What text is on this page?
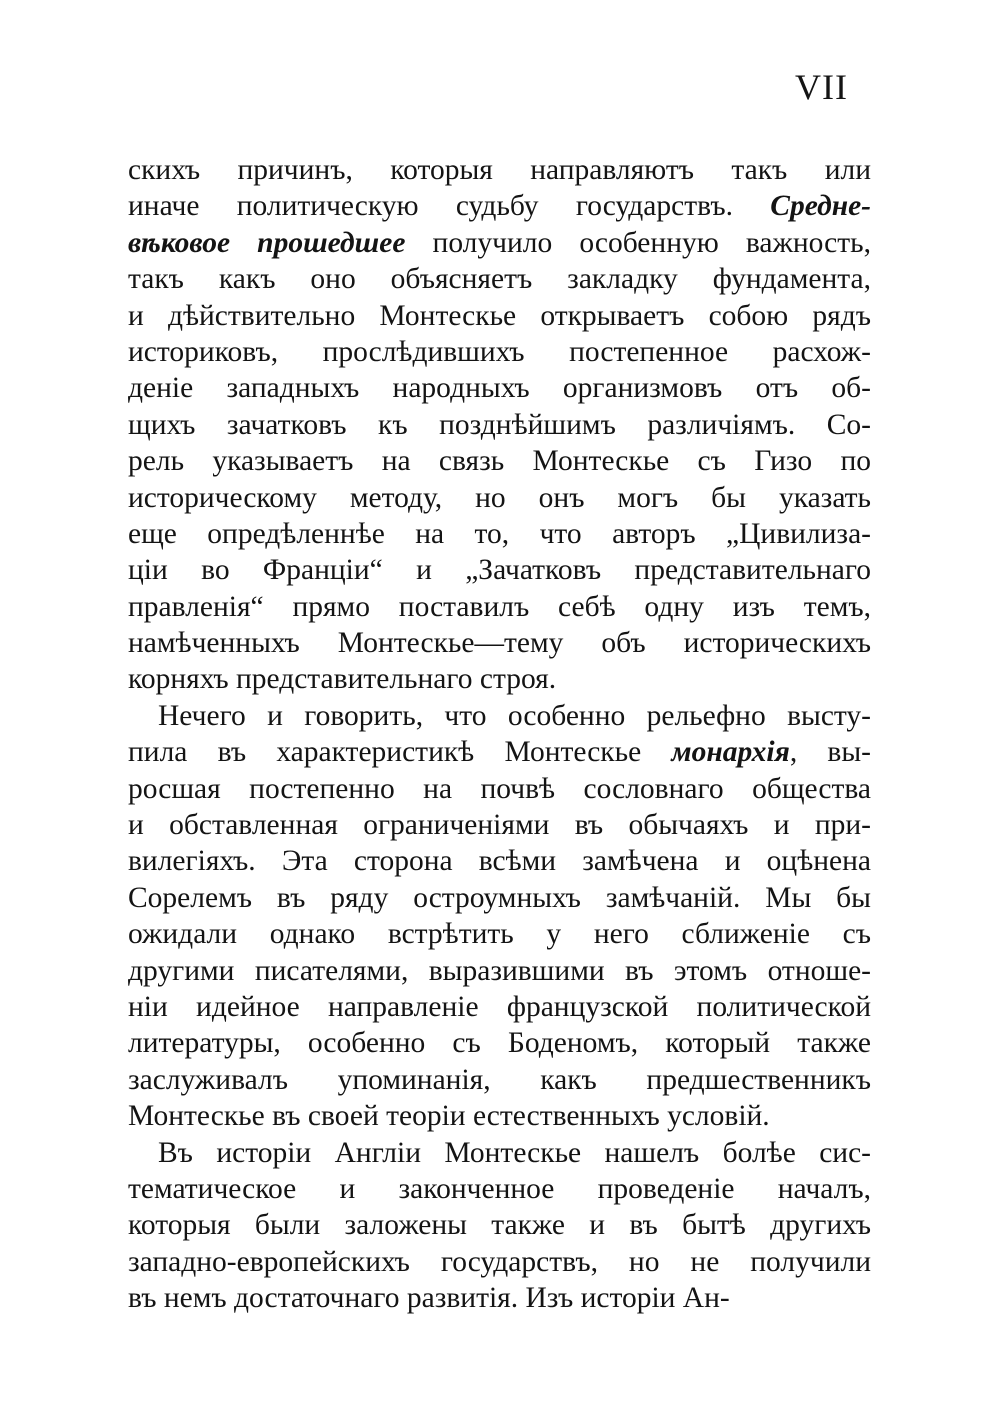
VII
скихъ причинъ, которыя направляютъ такъ или
иначе политическую судьбу государствъ. Средне-
вѣковое прошедшее получило особенную важность,
такъ какъ оно объясняетъ закладку фундамента,
и дѣйствительно Монтескье открываетъ собою рядъ
историковъ, прослѣдившихъ постепенное расхож-
деніе западныхъ народныхъ организмовъ отъ об-
щихъ зачатковъ къ позднѣйшимъ различіямъ. Со-
рель указываетъ на связь Монтескье съ Гизо по
историческому методу, но онъ могъ бы указать
еще опредѣленнѣе на то, что авторъ „Цивилиза-
ціи во Франціи“ и „Зачатковъ представительнаго
правленія“ прямо поставилъ себѣ одну изъ темъ,
намѣченныхъ Монтескье—тему объ историческихъ
корняхъ представительнаго строя.
Нечего и говорить, что особенно рельефно высту-
пила въ характеристикѣ Монтескье монархія, вы-
росшая постепенно на почвѣ сословнаго общества
и обставленная ограниченіями въ обычаяхъ и при-
вилегіяхъ. Эта сторона всѣми замѣчена и оцѣнена
Сорелемъ въ ряду остроумныхъ замѣчаній. Мы бы
ожидали однако встрѣтить у него сближеніе съ
другими писателями, выразившими въ этомъ отноше-
ніи идейное направленіе французской политической
литературы, особенно съ Боденомъ, который также
заслуживалъ упоминанія, какъ предшественникъ
Монтескье въ своей теоріи естественныхъ условій.
Въ исторіи Англіи Монтескье нашелъ болѣе сис-
тематическое и законченное проведеніе началъ,
которыя были заложены также и въ бытѣ другихъ
западно-европейскихъ государствъ, но не получили
въ немъ достаточнаго развитія. Изъ исторіи Ан-
